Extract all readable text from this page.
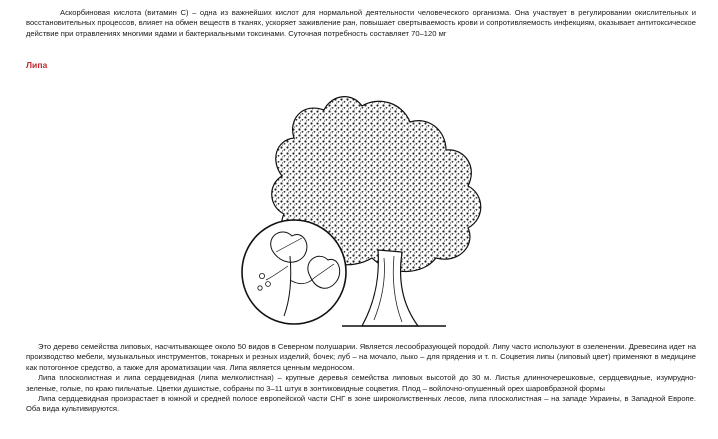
Аскорбиновая кислота (витамин С) – одна из важнейших кислот для нормальной деятельности человеческого организма. Она участвует в регулировании окислительных и восстановительных процессов, влияет на обмен веществ в тканях, ускоряет заживление ран, повышает свертываемость крови и сопротивляемость инфекциям, оказывает антитоксическое действие при отравлениях многими ядами и бактериальными токсинами. Суточная потребность составляет 70–120 мг

Липа

Это дерево семейства липовых, насчитывающее около 50 видов в Северном полушарии. Является лесообразующей породой. Липу часто используют в озеленении. Древесина идет на производство мебели, музыкальных инструментов, токарных и резных изделий, бочек; луб – на мочало, лыко – для прядения и т. п. Соцветия липы (липовый цвет) применяют в медицине как потогонное средство, а также для ароматизации чая. Липа является ценным медоносом.

Липа плосколистная и липа сердцевидная (липа мелколистная) – крупные деревья семейства липовых высотой до 30 м. Листья длинночерешковые, сердцевидные, изумрудно-зеленые, голые, по краю пильчатые. Цветки душистые, собраны по 3–11 штук в зонтиковидные соцветия. Плод – войлочно-опушенный орех шаровбразной формы

Липа сердцевидная произрастает в южной и средней полосе европейской части СНГ в зоне широколиственных лесов, липа плосколистная – на западе Украины, в Западной Европе. Оба вида культивируются.
